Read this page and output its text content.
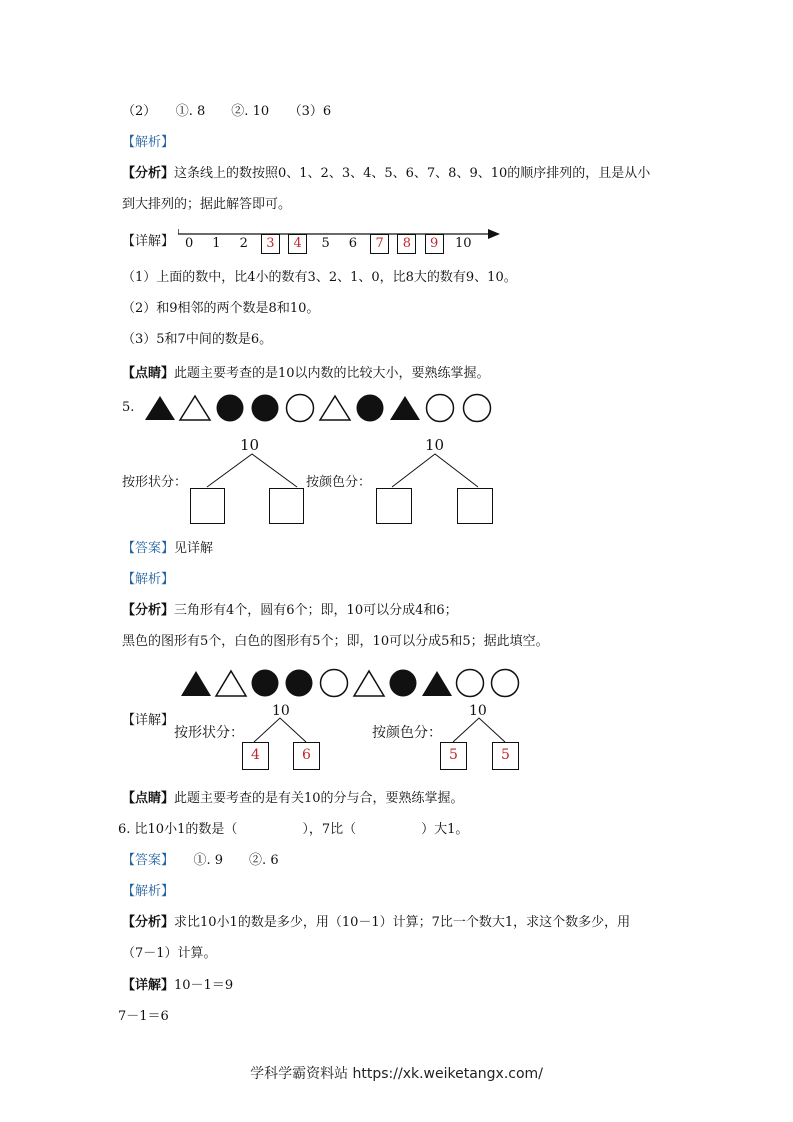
（2）　　①. 8　　②. 10　　（3）6
【解析】
【分析】这条线上的数按照0、1、2、3、4、5、6、7、8、9、10的顺序排列的，且是从小
到大排列的；据此解答即可。
【详解】 0 1 2	3	4	5 6	7	8	9	10
（1）上面的数中，比4小的数有3、2、1、0，比8大的数有9、10。
（2）和9相邻的两个数是8和10。
（3）5和7中间的数是6。
【点睛】此题主要考查的是10以内数的比较大小，要熟练掌握。
5.
10	10
按形状分：	按颜色分：
【答案】见详解
【解析】
【分析】三角形有4个，圆有6个；即，10可以分成4和6；
黑色的图形有5个，白色的图形有5个；即，10可以分成5和5；据此填空。
【详解】
10	10
按形状分：	按颜色分：
4	6	5	5
【点睛】此题主要考查的是有关10的分与合，要熟练掌握。
6. 比10小1的数是（　　　　　），7比（　　　　　）大1。
【答案】　　①. 9　　②. 6
【解析】
【分析】求比10小1的数是多少，用（10－1）计算；7比一个数大1，求这个数多少，用
（7－1）计算。
【详解】10－1＝9
7－1＝6
学科学霸资料站 https://xk.weiketangx.com/
